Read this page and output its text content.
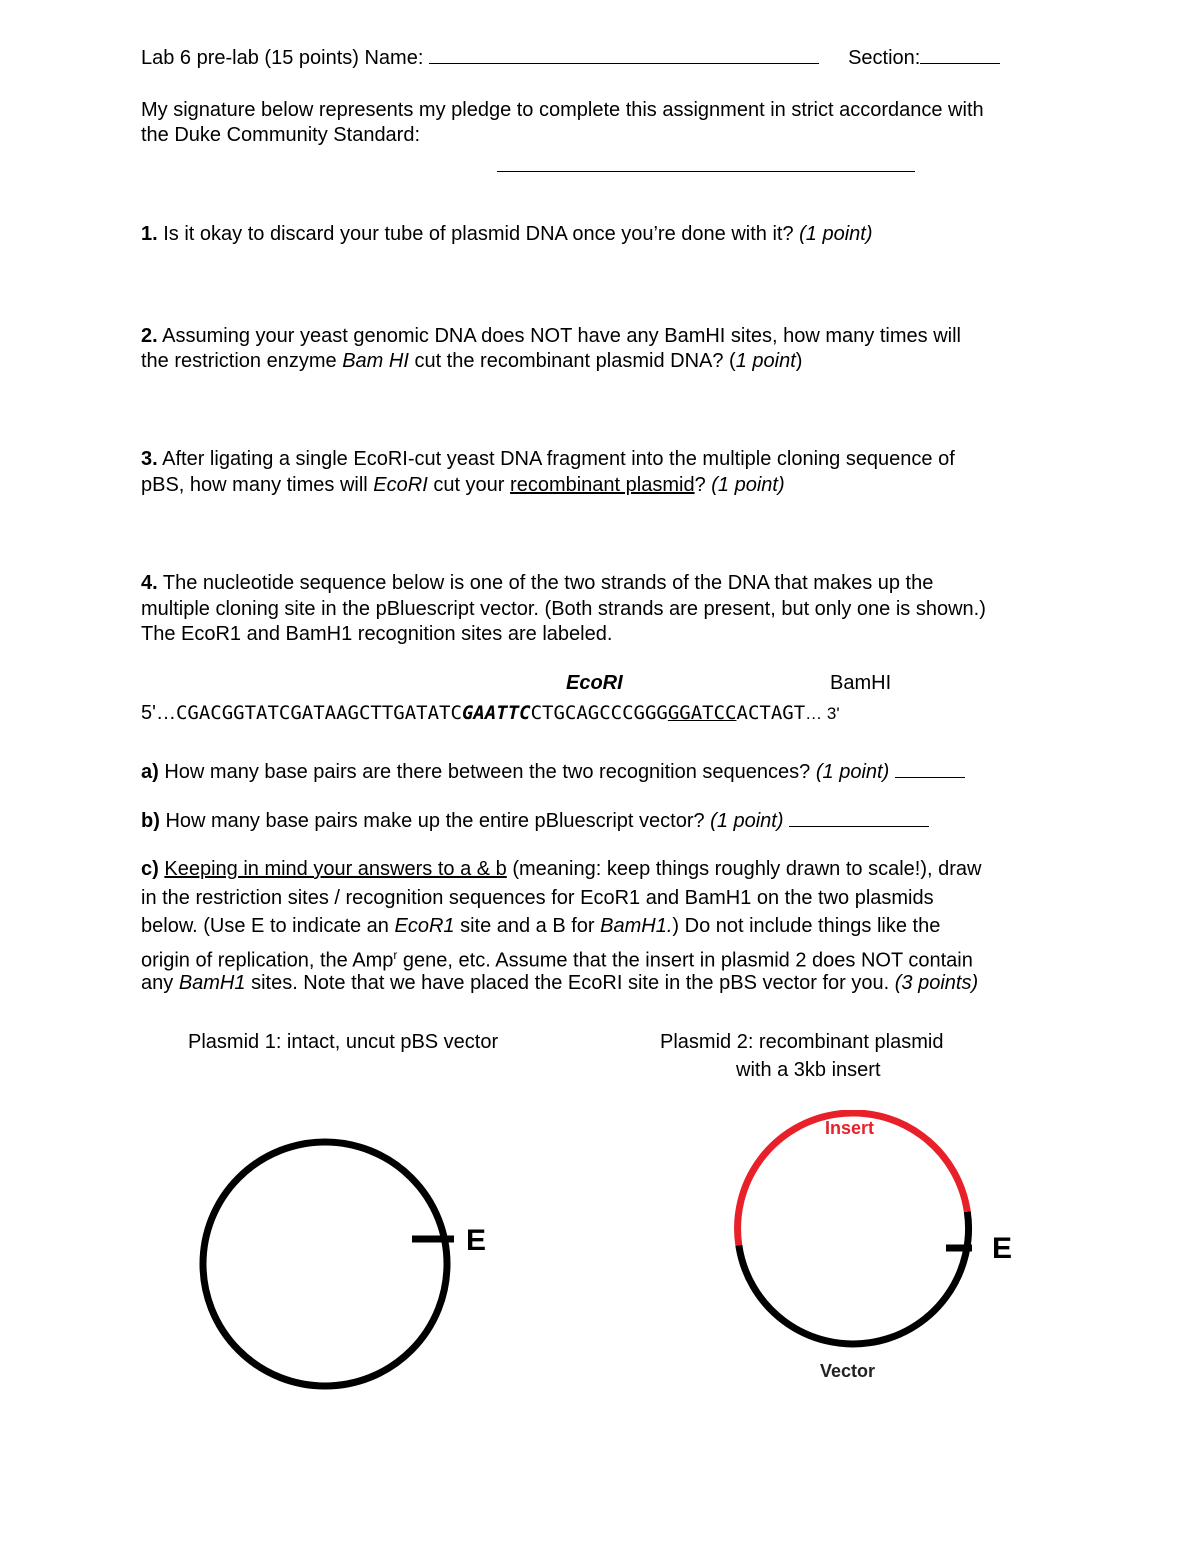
Lab 6 pre-lab (15 points) Name:	Section:
My signature below represents my pledge to complete this assignment in strict accordance with
the Duke Community Standard:
1. Is it okay to discard your tube of plasmid DNA once you’re done with it? (1 point)
2. Assuming your yeast genomic DNA does NOT have any BamHI sites, how many times will
the restriction enzyme Bam HI cut the recombinant plasmid DNA? (1 point)
3. After ligating a single EcoRI-cut yeast DNA fragment into the multiple cloning sequence of
pBS, how many times will EcoRI cut your recombinant plasmid? (1 point)
4. The nucleotide sequence below is one of the two strands of the DNA that makes up the
multiple cloning site in the pBluescript vector. (Both strands are present, but only one is shown.)
The EcoR1 and BamH1 recognition sites are labeled.
EcoRI	BamHI
5'…CGACGGTATCGATAAGCTTGATATCGAATTCCTGCAGCCCGGGGGATCCACTAGT… 3'
a) How many base pairs are there between the two recognition sequences? (1 point)
b) How many base pairs make up the entire pBluescript vector? (1 point)
c) Keeping in mind your answers to a & b (meaning: keep things roughly drawn to scale!), draw
in the restriction sites / recognition sequences for EcoR1 and BamH1 on the two plasmids
below. (Use E to indicate an EcoR1 site and a B for BamH1.) Do not include things like the
origin of replication, the Amp$^r$ gene, etc. Assume that the insert in plasmid 2 does NOT contain
any BamH1 sites. Note that we have placed the EcoRI site in the pBS vector for you. (3 points)
Plasmid 1: intact, uncut pBS vector	Plasmid 2: recombinant plasmid
with a 3kb insert
E
Insert
E
Vector
